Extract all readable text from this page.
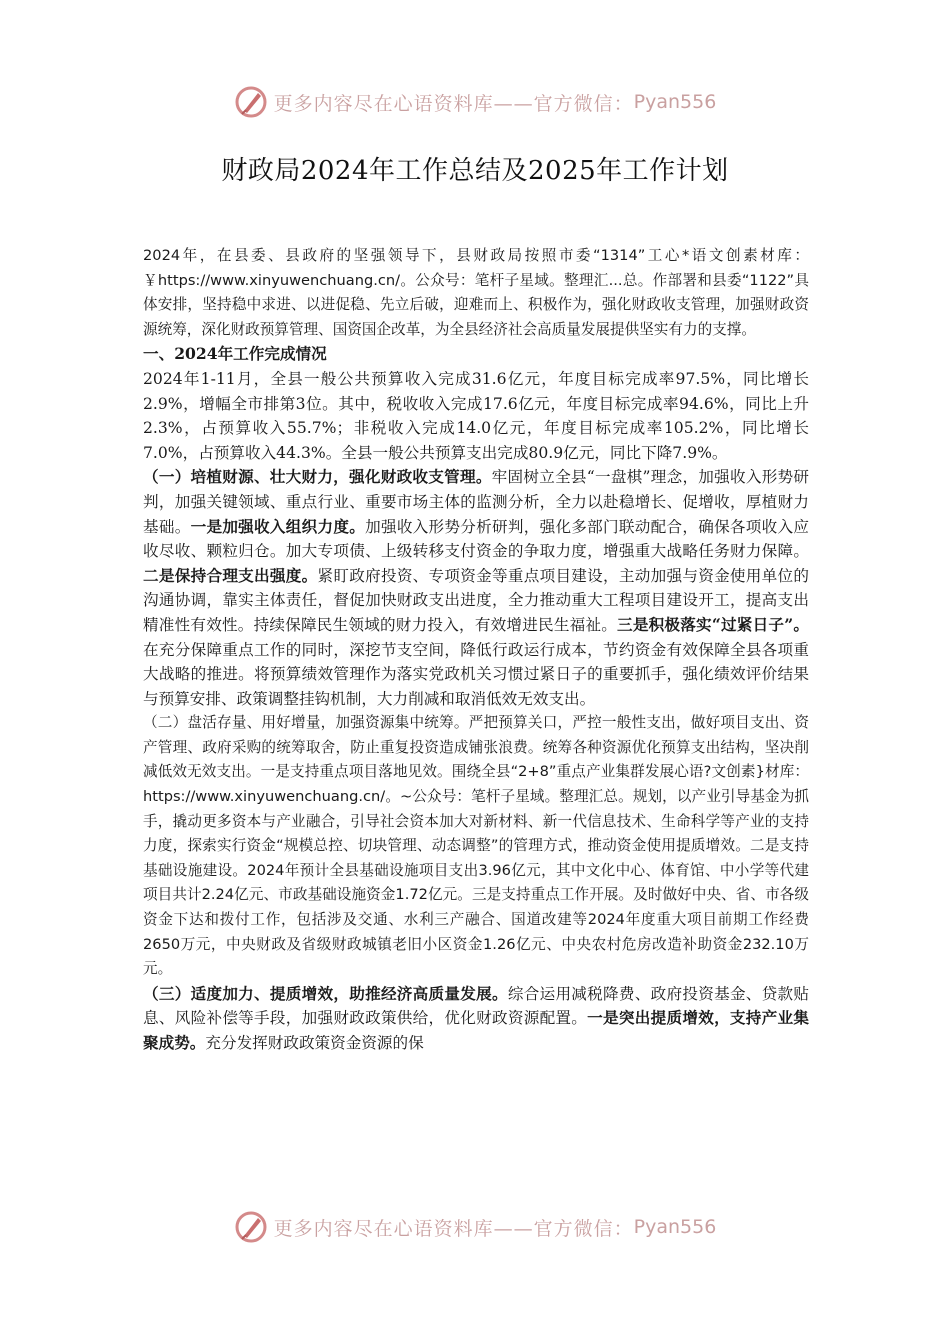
更多内容尽在心语资料库——官方微信： Pyan556
财政局2024年工作总结及2025年工作计划

2024年，在县委、县政府的坚强领导下，县财政局按照市委“1314”工心*语文创素材库：￥https://www.xinyuwenchuang.cn/。公众号：笔杆子星域。整理汇...总。作部署和县委“1122”具体安排，坚持稳中求进、以进促稳、先立后破，迎难而上、积极作为，强化财政收支管理，加强财政资源统筹，深化财政预算管理、国资国企改革，为全县经济社会高质量发展提供坚实有力的支撑。

一、2024年工作完成情况

2024年1-11月，全县一般公共预算收入完成31.6亿元，年度目标完成率97.5%，同比增长2.9%，增幅全市排第3位。其中，税收收入完成17.6亿元，年度目标完成率94.6%，同比上升2.3%，占预算收入55.7%；非税收入完成14.0亿元，年度目标完成率105.2%，同比增长7.0%，占预算收入44.3%。全县一般公共预算支出完成80.9亿元，同比下降7.9%。

（一）培植财源、壮大财力，强化财政收支管理。牢固树立全县“一盘棋”理念，加强收入形势研判，加强关键领域、重点行业、重要市场主体的监测分析，全力以赴稳增长、促增收，厚植财力基础。一是加强收入组织力度。加强收入形势分析研判，强化多部门联动配合，确保各项收入应收尽收、颗粒归仓。加大专项债、上级转移支付资金的争取力度，增强重大战略任务财力保障。二是保持合理支出强度。紧盯政府投资、专项资金等重点项目建设，主动加强与资金使用单位的沟通协调，靠实主体责任，督促加快财政支出进度，全力推动重大工程项目建设开工，提高支出精准性有效性。持续保障民生领域的财力投入，有效增进民生福祉。三是积极落实“过紧日子”。在充分保障重点工作的同时，深挖节支空间，降低行政运行成本，节约资金有效保障全县各项重大战略的推进。将预算绩效管理作为落实党政机关习惯过紧日子的重要抓手，强化绩效评价结果与预算安排、政策调整挂钩机制，大力削减和取消低效无效支出。

（二）盘活存量、用好增量，加强资源集中统筹。严把预算关口，严控一般性支出，做好项目支出、资产管理、政府采购的统筹取舍，防止重复投资造成铺张浪费。统筹各种资源优化预算支出结构，坚决削减低效无效支出。一是支持重点项目落地见效。围绕全县“2+8”重点产业集群发展心语?文创素}材库：https://www.xinyuwenchuang.cn/。~公众号：笔杆子星域。整理汇总。规划，以产业引导基金为抓手，撬动更多资本与产业融合，引导社会资本加大对新材料、新一代信息技术、生命科学等产业的支持力度，探索实行资金“规模总控、切块管理、动态调整”的管理方式，推动资金使用提质增效。二是支持基础设施建设。2024年预计全县基础设施项目支出3.96亿元，其中文化中心、体育馆、中小学等代建项目共计2.24亿元、市政基础设施资金1.72亿元。三是支持重点工作开展。及时做好中央、省、市各级资金下达和拨付工作，包括涉及交通、水利三产融合、国道改建等2024年度重大项目前期工作经费2650万元，中央财政及省级财政城镇老旧小区资金1.26亿元、中央农村危房改造补助资金232.10万元。

（三）适度加力、提质增效，助推经济高质量发展。综合运用减税降费、政府投资基金、贷款贴息、风险补偿等手段，加强财政政策供给，优化财政资源配置。一是突出提质增效，支持产业集聚成势。充分发挥财政政策资金资源的保

更多内容尽在心语资料库——官方微信： Pyan556
